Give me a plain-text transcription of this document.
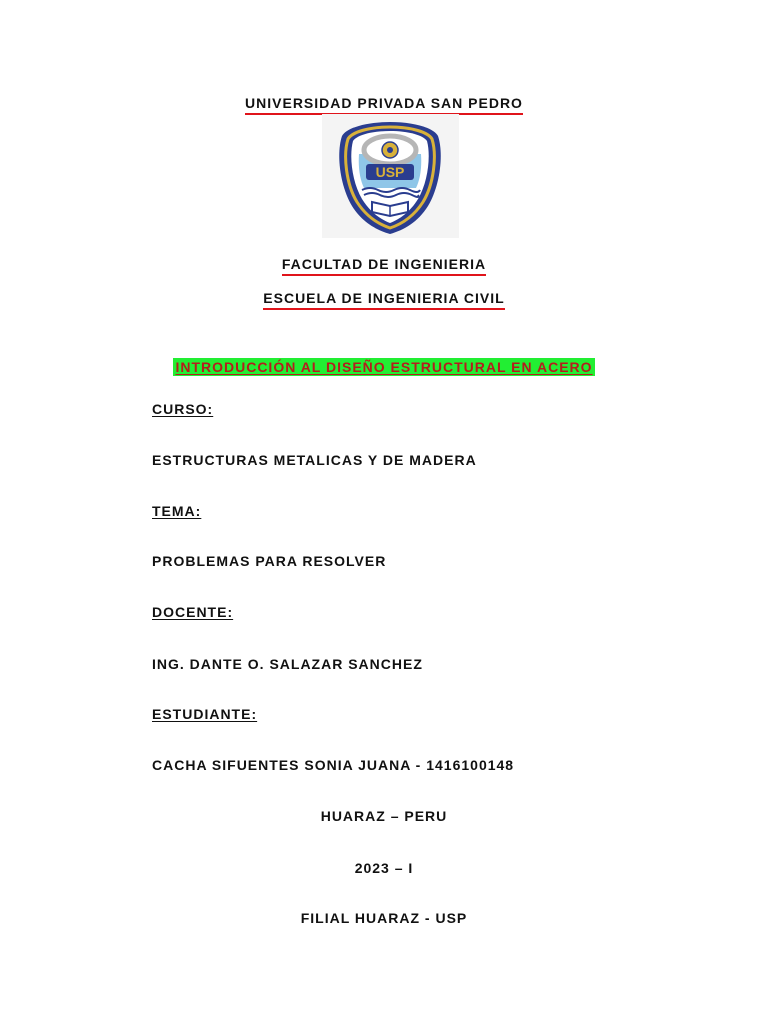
UNIVERSIDAD PRIVADA SAN PEDRO
USP
FACULTAD DE INGENIERIA
ESCUELA DE INGENIERIA CIVIL
INTRODUCCIÓN AL DISEÑO ESTRUCTURAL EN ACERO
CURSO:
ESTRUCTURAS METALICAS Y DE MADERA
TEMA:
PROBLEMAS PARA RESOLVER
DOCENTE:
ING. DANTE O. SALAZAR SANCHEZ
ESTUDIANTE:
CACHA SIFUENTES SONIA JUANA - 1416100148
HUARAZ – PERU
2023 – I
FILIAL HUARAZ - USP
